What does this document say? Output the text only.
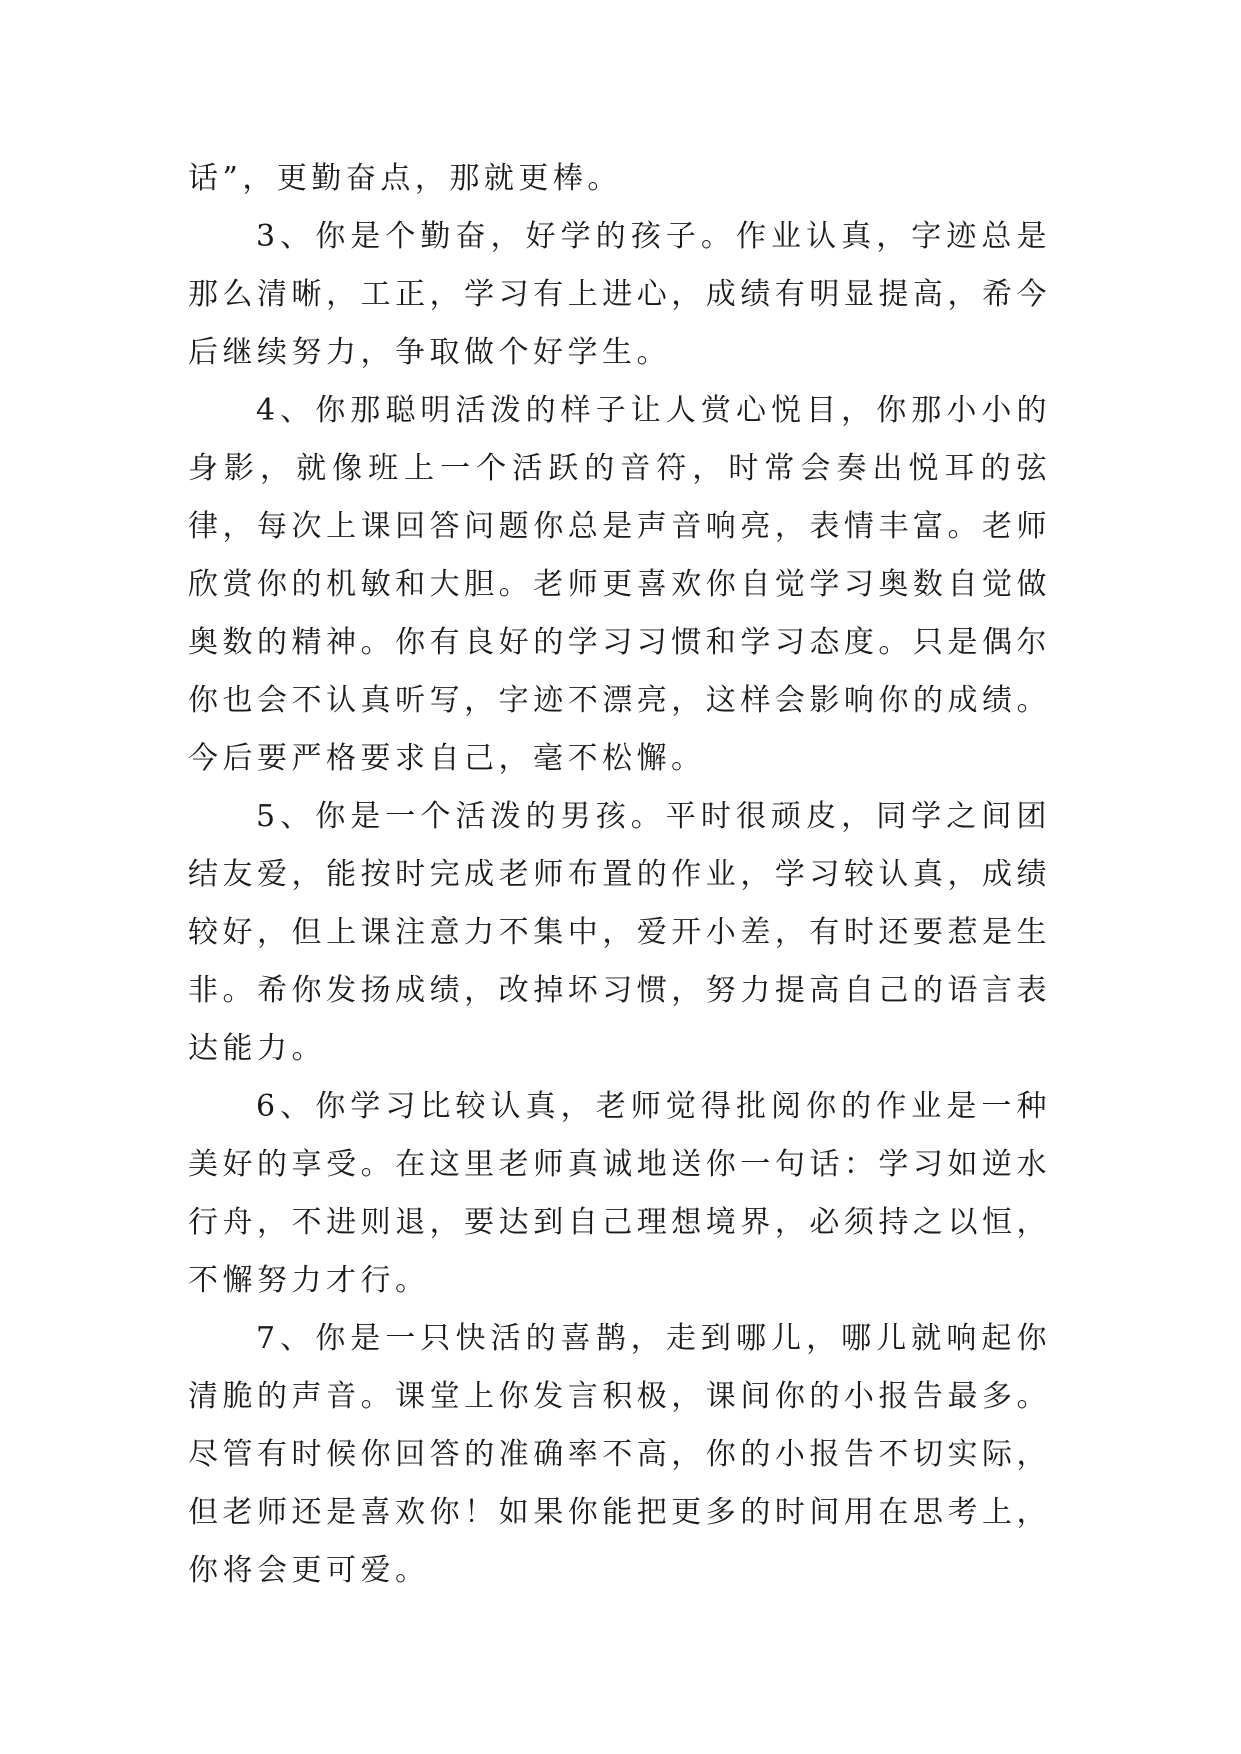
话”，更勤奋点，那就更棒。

3、你是个勤奋，好学的孩子。作业认真，字迹总是那么清晰，工正，学习有上进心，成绩有明显提高，希今后继续努力，争取做个好学生。

4、你那聪明活泼的样子让人赏心悦目，你那小小的身影，就像班上一个活跃的音符，时常会奏出悦耳的弦律，每次上课回答问题你总是声音响亮，表情丰富。老师欣赏你的机敏和大胆。老师更喜欢你自觉学习奥数自觉做奥数的精神。你有良好的学习习惯和学习态度。只是偶尔你也会不认真听写，字迹不漂亮，这样会影响你的成绩。今后要严格要求自己，毫不松懈。

5、你是一个活泼的男孩。平时很顽皮，同学之间团结友爱，能按时完成老师布置的作业，学习较认真，成绩较好，但上课注意力不集中，爱开小差，有时还要惹是生非。希你发扬成绩，改掉坏习惯，努力提高自己的语言表达能力。

6、你学习比较认真，老师觉得批阅你的作业是一种美好的享受。在这里老师真诚地送你一句话：学习如逆水行舟，不进则退，要达到自己理想境界，必须持之以恒，不懈努力才行。

7、你是一只快活的喜鹊，走到哪儿，哪儿就响起你清脆的声音。课堂上你发言积极，课间你的小报告最多。尽管有时候你回答的准确率不高，你的小报告不切实际，但老师还是喜欢你！如果你能把更多的时间用在思考上，你将会更可爱。
